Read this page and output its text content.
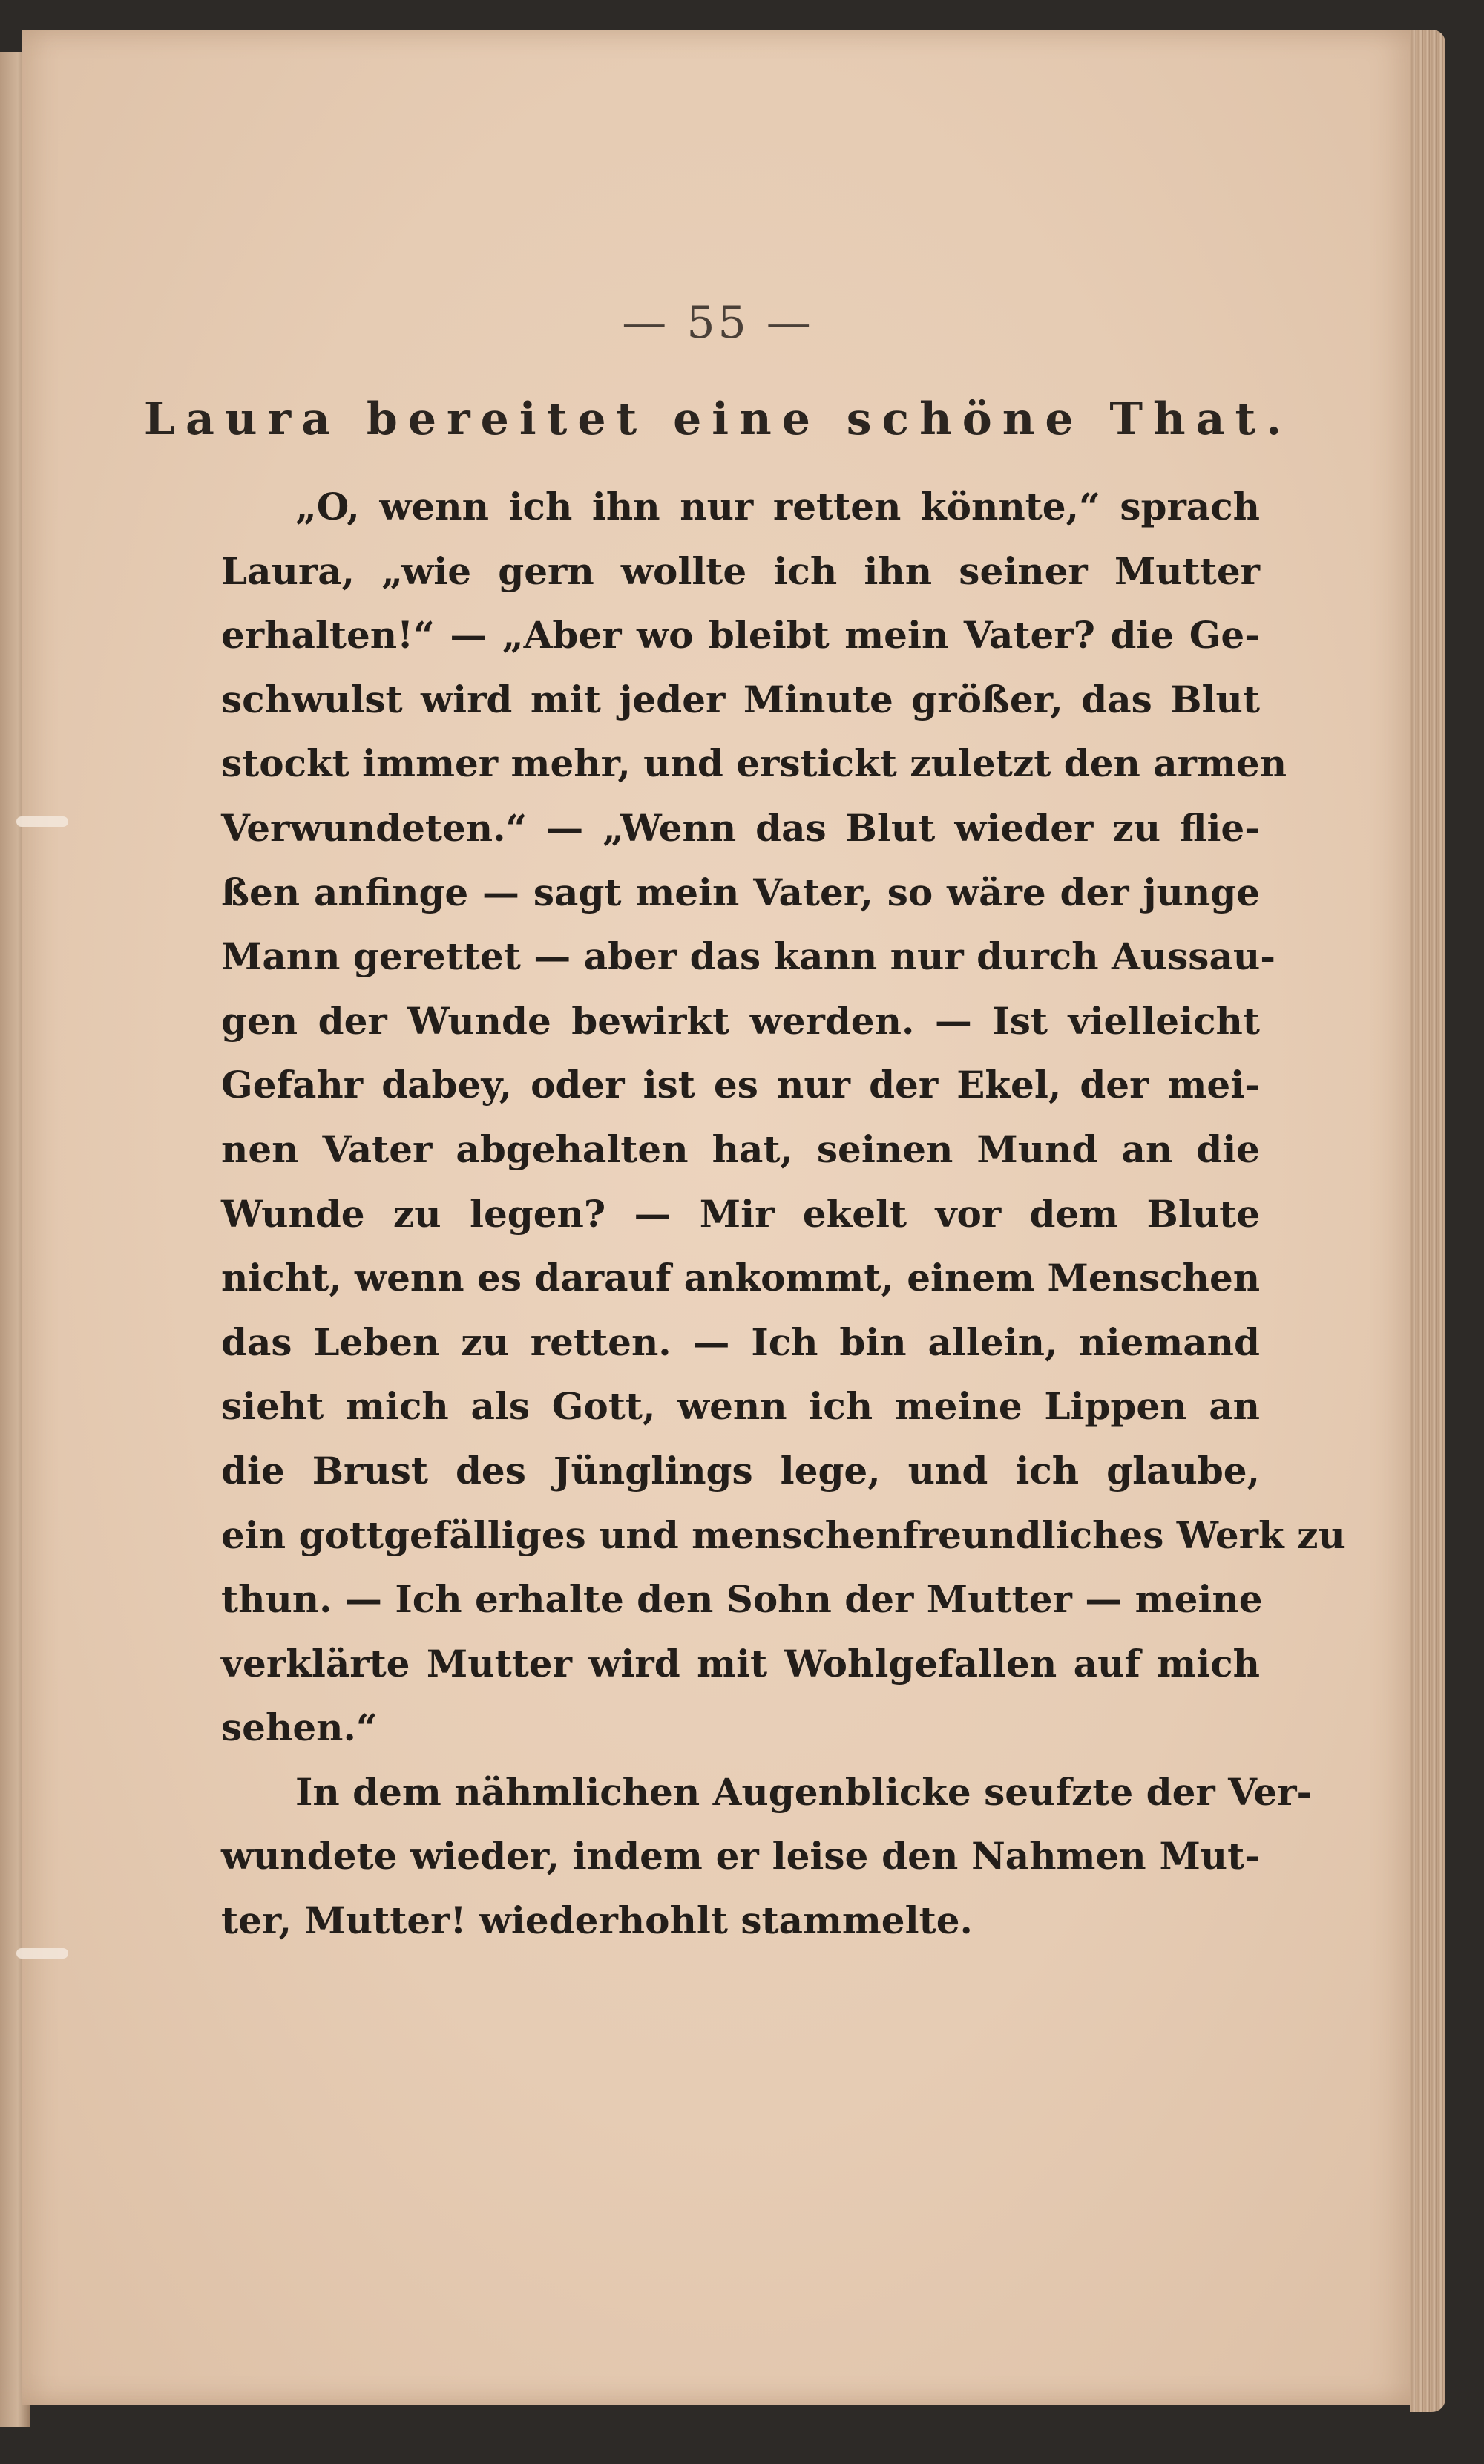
— 55 —
Laura bereitet eine schöne That.
„O, wenn ich ihn nur retten könnte,“ sprach
Laura, „wie gern wollte ich ihn seiner Mutter
erhalten!“ — „Aber wo bleibt mein Vater? die Ge-
schwulst wird mit jeder Minute größer, das Blut
stockt immer mehr, und erstickt zuletzt den armen
Verwundeten.“ — „Wenn das Blut wieder zu flie-
ßen anfinge — sagt mein Vater, so wäre der junge
Mann gerettet — aber das kann nur durch Aussau-
gen der Wunde bewirkt werden. — Ist vielleicht
Gefahr dabey, oder ist es nur der Ekel, der mei-
nen Vater abgehalten hat, seinen Mund an die
Wunde zu legen? — Mir ekelt vor dem Blute
nicht, wenn es darauf ankommt, einem Menschen
das Leben zu retten. — Ich bin allein, niemand
sieht mich als Gott, wenn ich meine Lippen an
die Brust des Jünglings lege, und ich glaube,
ein gottgefälliges und menschenfreundliches Werk zu
thun. — Ich erhalte den Sohn der Mutter — meine
verklärte Mutter wird mit Wohlgefallen auf mich
sehen.“
In dem nähmlichen Augenblicke seufzte der Ver-
wundete wieder, indem er leise den Nahmen Mut-
ter, Mutter! wiederhohlt stammelte.
